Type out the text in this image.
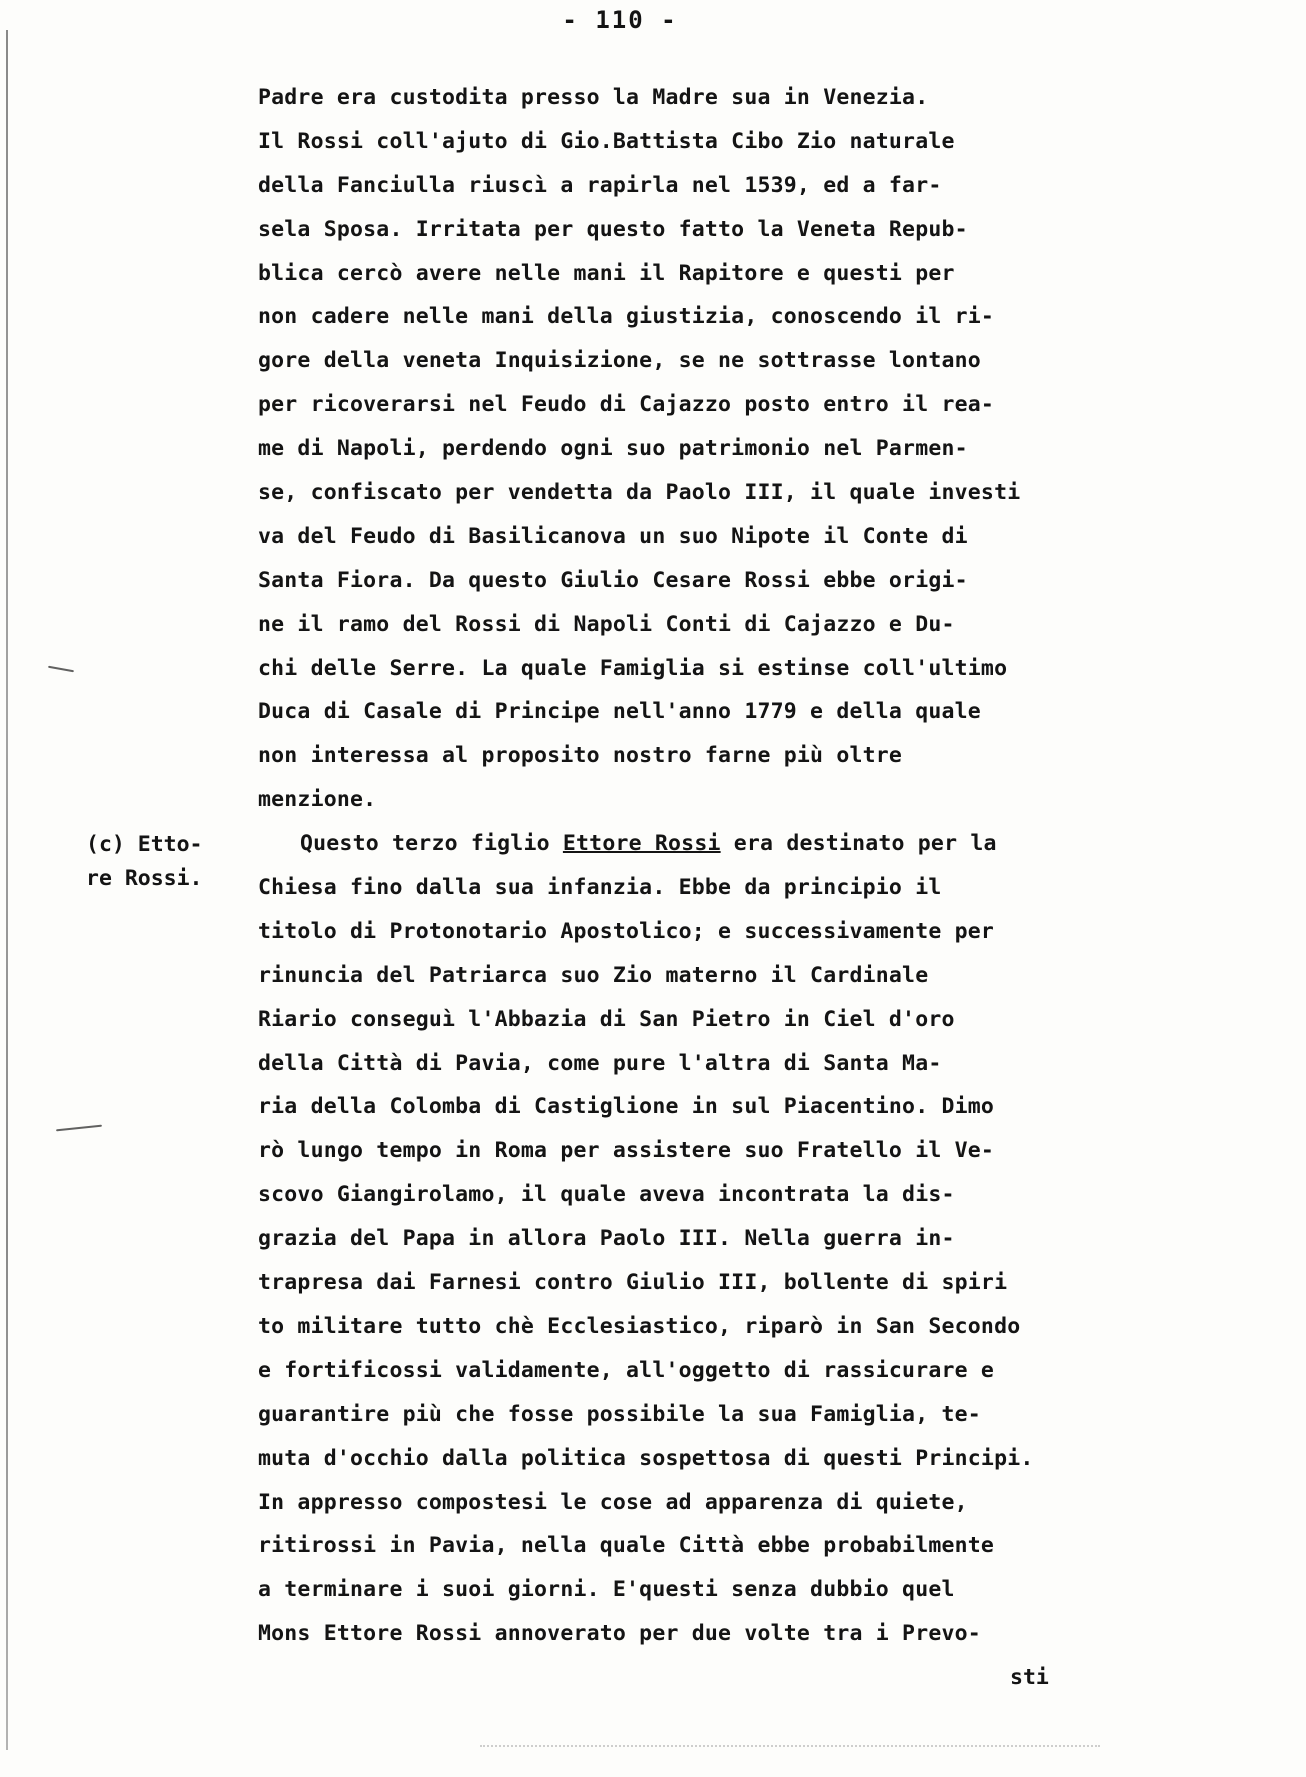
- 110 -
(c) Etto-
re Rossi.
Padre era custodita presso la Madre sua in Venezia.
Il Rossi coll'ajuto di Gio.Battista Cibo Zio naturale
della Fanciulla riuscì a rapirla nel 1539, ed a far-
sela Sposa. Irritata per questo fatto la Veneta Repub-
blica cercò avere nelle mani il Rapitore e questi per
non cadere nelle mani della giustizia, conoscendo il ri-
gore della veneta Inquisizione, se ne sottrasse lontano
per ricoverarsi nel Feudo di Cajazzo posto entro il rea-
me di Napoli, perdendo ogni suo patrimonio nel Parmen-
se, confiscato per vendetta da Paolo III, il quale investi
va del Feudo di Basilicanova un suo Nipote il Conte di
Santa Fiora. Da questo Giulio Cesare Rossi ebbe origi-
ne il ramo del Rossi di Napoli Conti di Cajazzo e Du-
chi delle Serre. La quale Famiglia si estinse coll'ultimo
Duca di Casale di Principe nell'anno 1779 e della quale
non interessa al proposito nostro farne più oltre
menzione.
Questo terzo figlio Ettore Rossi era destinato per la
Chiesa fino dalla sua infanzia. Ebbe da principio il
titolo di Protonotario Apostolico; e successivamente per
rinuncia del Patriarca suo Zio materno il Cardinale
Riario conseguì l'Abbazia di San Pietro in Ciel d'oro
della Città di Pavia, come pure l'altra di Santa Ma-
ria della Colomba di Castiglione in sul Piacentino. Dimo
rò lungo tempo in Roma per assistere suo Fratello il Ve-
scovo Giangirolamo, il quale aveva incontrata la dis-
grazia del Papa in allora Paolo III. Nella guerra in-
trapresa dai Farnesi contro Giulio III, bollente di spiri
to militare tutto chè Ecclesiastico, riparò in San Secondo
e fortificossi validamente, all'oggetto di rassicurare e
guarantire più che fosse possibile la sua Famiglia, te-
muta d'occhio dalla politica sospettosa di questi Principi.
In appresso compostesi le cose ad apparenza di quiete,
ritirossi in Pavia, nella quale Città ebbe probabilmente
a terminare i suoi giorni. E'questi senza dubbio quel
Mons Ettore Rossi annoverato per due volte tra i Prevo-
sti
